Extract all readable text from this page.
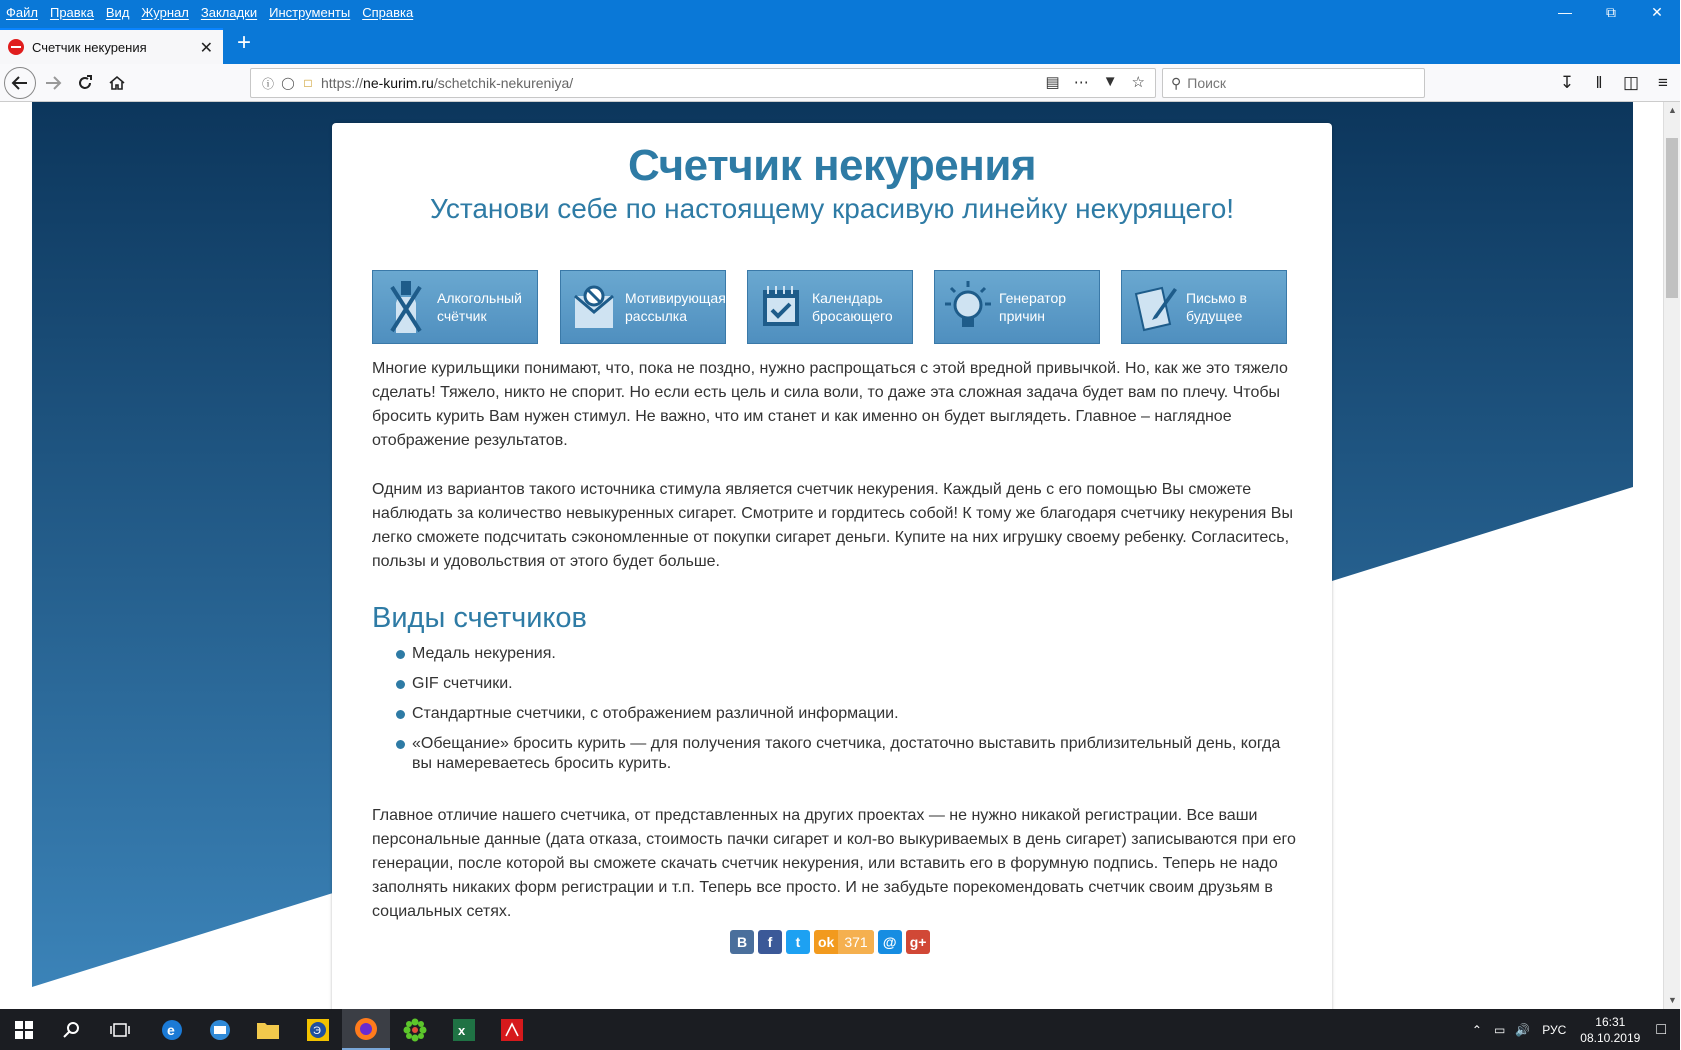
Файл Правка Вид Журнал Закладки Инструменты Справка	—	⧉	✕
Счетчик некурения	✕ +
ⓘ ◯ □ https:// ne-kurim.ru /schetchik-nekureniya/	▤ ⋯ ▼ ☆ ⚲ Поиск	↧	‖	◫ ≡
Счетчик некурения
Установи себе по настоящему красивую линейку некурящего!
Алкогольный счётчик
Мотивирующая рассылка
Календарь бросающего
Генератор причин
Письмо в будущее
Многие курильщики понимают, что, пока не поздно, нужно распрощаться с этой вредной привычкой. Но, как же это тяжело сделать! Тяжело, никто не спорит. Но если есть цель и сила воли, то даже эта сложная задача будет вам по плечу. Чтобы бросить курить Вам нужен стимул. Не важно, что им станет и как именно он будет выглядеть. Главное – наглядное отображение результатов.
Одним из вариантов такого источника стимула является счетчик некурения. Каждый день с его помощью Вы сможете наблюдать за количество невыкуренных сигарет. Смотрите и гордитесь собой! К тому же благодаря счетчику некурения Вы легко сможете подсчитать сэкономленные от покупки сигарет деньги. Купите на них игрушку своему ребенку. Согласитесь, пользы и удовольствия от этого будет больше.
Виды счетчиков
Медаль некурения.
GIF счетчики.
Стандартные счетчики, с отображением различной информации.
«Обещание» бросить курить — для получения такого счетчика, достаточно выставить приблизительный день, когда вы намереваетесь бросить курить.
Главное отличие нашего счетчика, от представленных на других проектах — не нужно никакой регистрации. Все ваши персональные данные (дата отказа, стоимость пачки сигарет и кол-во выкуриваемых в день сигарет) записываются при его генерации, после которой вы сможете скачать счетчик некурения, или вставить его в форумную подпись. Теперь не надо заполнять никаких форм регистрации и т.п. Теперь все просто. И не забудьте порекомендовать счетчик своим друзьям в социальных сетях.
В	f	t	ok 371	@ g+
▲
▼
e	Э	x	⌃ ▭ 🔊 РУС
16:31
08.10.2019 □
